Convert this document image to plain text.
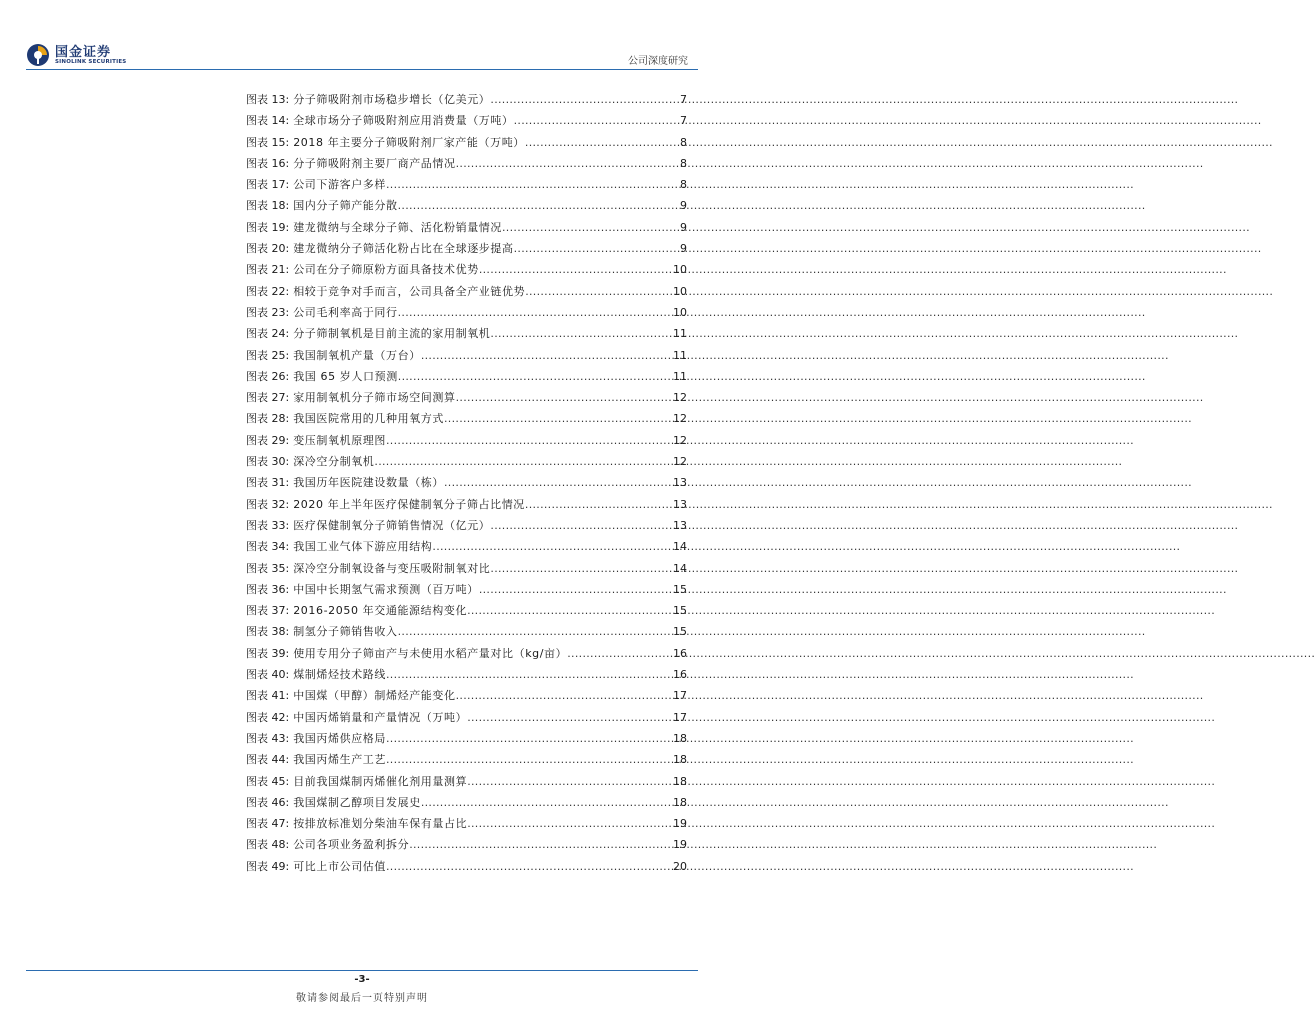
国金证券
SINOLINK SECURITIES	公司深度研究
图表 13: 分子筛吸附剂市场稳步增长（亿美元） .....	7
图表 14: 全球市场分子筛吸附剂应用消费量（万吨） .....	7
图表 15: 2018 年主要分子筛吸附剂厂家产能（万吨） .....	8
图表 16: 分子筛吸附剂主要厂商产品情况 .....	8
图表 17: 公司下游客户多样 .....	8
图表 18: 国内分子筛产能分散 .....	9
图表 19: 建龙微纳与全球分子筛、活化粉销量情况 .....	9
图表 20: 建龙微纳分子筛活化粉占比在全球逐步提高 .....	9
图表 21: 公司在分子筛原粉方面具备技术优势 .....	10
图表 22: 相较于竞争对手而言，公司具备全产业链优势 .....	10
图表 23: 公司毛利率高于同行 .....	10
图表 24: 分子筛制氧机是目前主流的家用制氧机 .....	11
图表 25: 我国制氧机产量（万台） .....	11
图表 26: 我国 65 岁人口预测 .....	11
图表 27: 家用制氧机分子筛市场空间测算 .....	12
图表 28: 我国医院常用的几种用氧方式 .....	12
图表 29: 变压制氧机原理图 .....	12
图表 30: 深冷空分制氧机 .....	12
图表 31: 我国历年医院建设数量（栋） .....	13
图表 32: 2020 年上半年医疗保健制氧分子筛占比情况 .....	13
图表 33: 医疗保健制氧分子筛销售情况（亿元） .....	13
图表 34: 我国工业气体下游应用结构 .....	14
图表 35: 深冷空分制氧设备与变压吸附制氧对比 .....	14
图表 36: 中国中长期氢气需求预测（百万吨） .....	15
图表 37: 2016-2050 年交通能源结构变化 .....	15
图表 38: 制氢分子筛销售收入 .....	15
图表 39: 使用专用分子筛亩产与未使用水稻产量对比（kg/亩） .....	16
图表 40: 煤制烯烃技术路线 .....	16
图表 41: 中国煤（甲醇）制烯烃产能变化 .....	17
图表 42: 中国丙烯销量和产量情况（万吨） .....	17
图表 43: 我国丙烯供应格局 .....	18
图表 44: 我国丙烯生产工艺 .....	18
图表 45: 目前我国煤制丙烯催化剂用量测算 .....	18
图表 46: 我国煤制乙醇项目发展史 .....	18
图表 47: 按排放标准划分柴油车保有量占比 .....	19
图表 48: 公司各项业务盈利拆分 .....	19
图表 49: 可比上市公司估值 .....	20
-3-
敬请参阅最后一页特别声明
